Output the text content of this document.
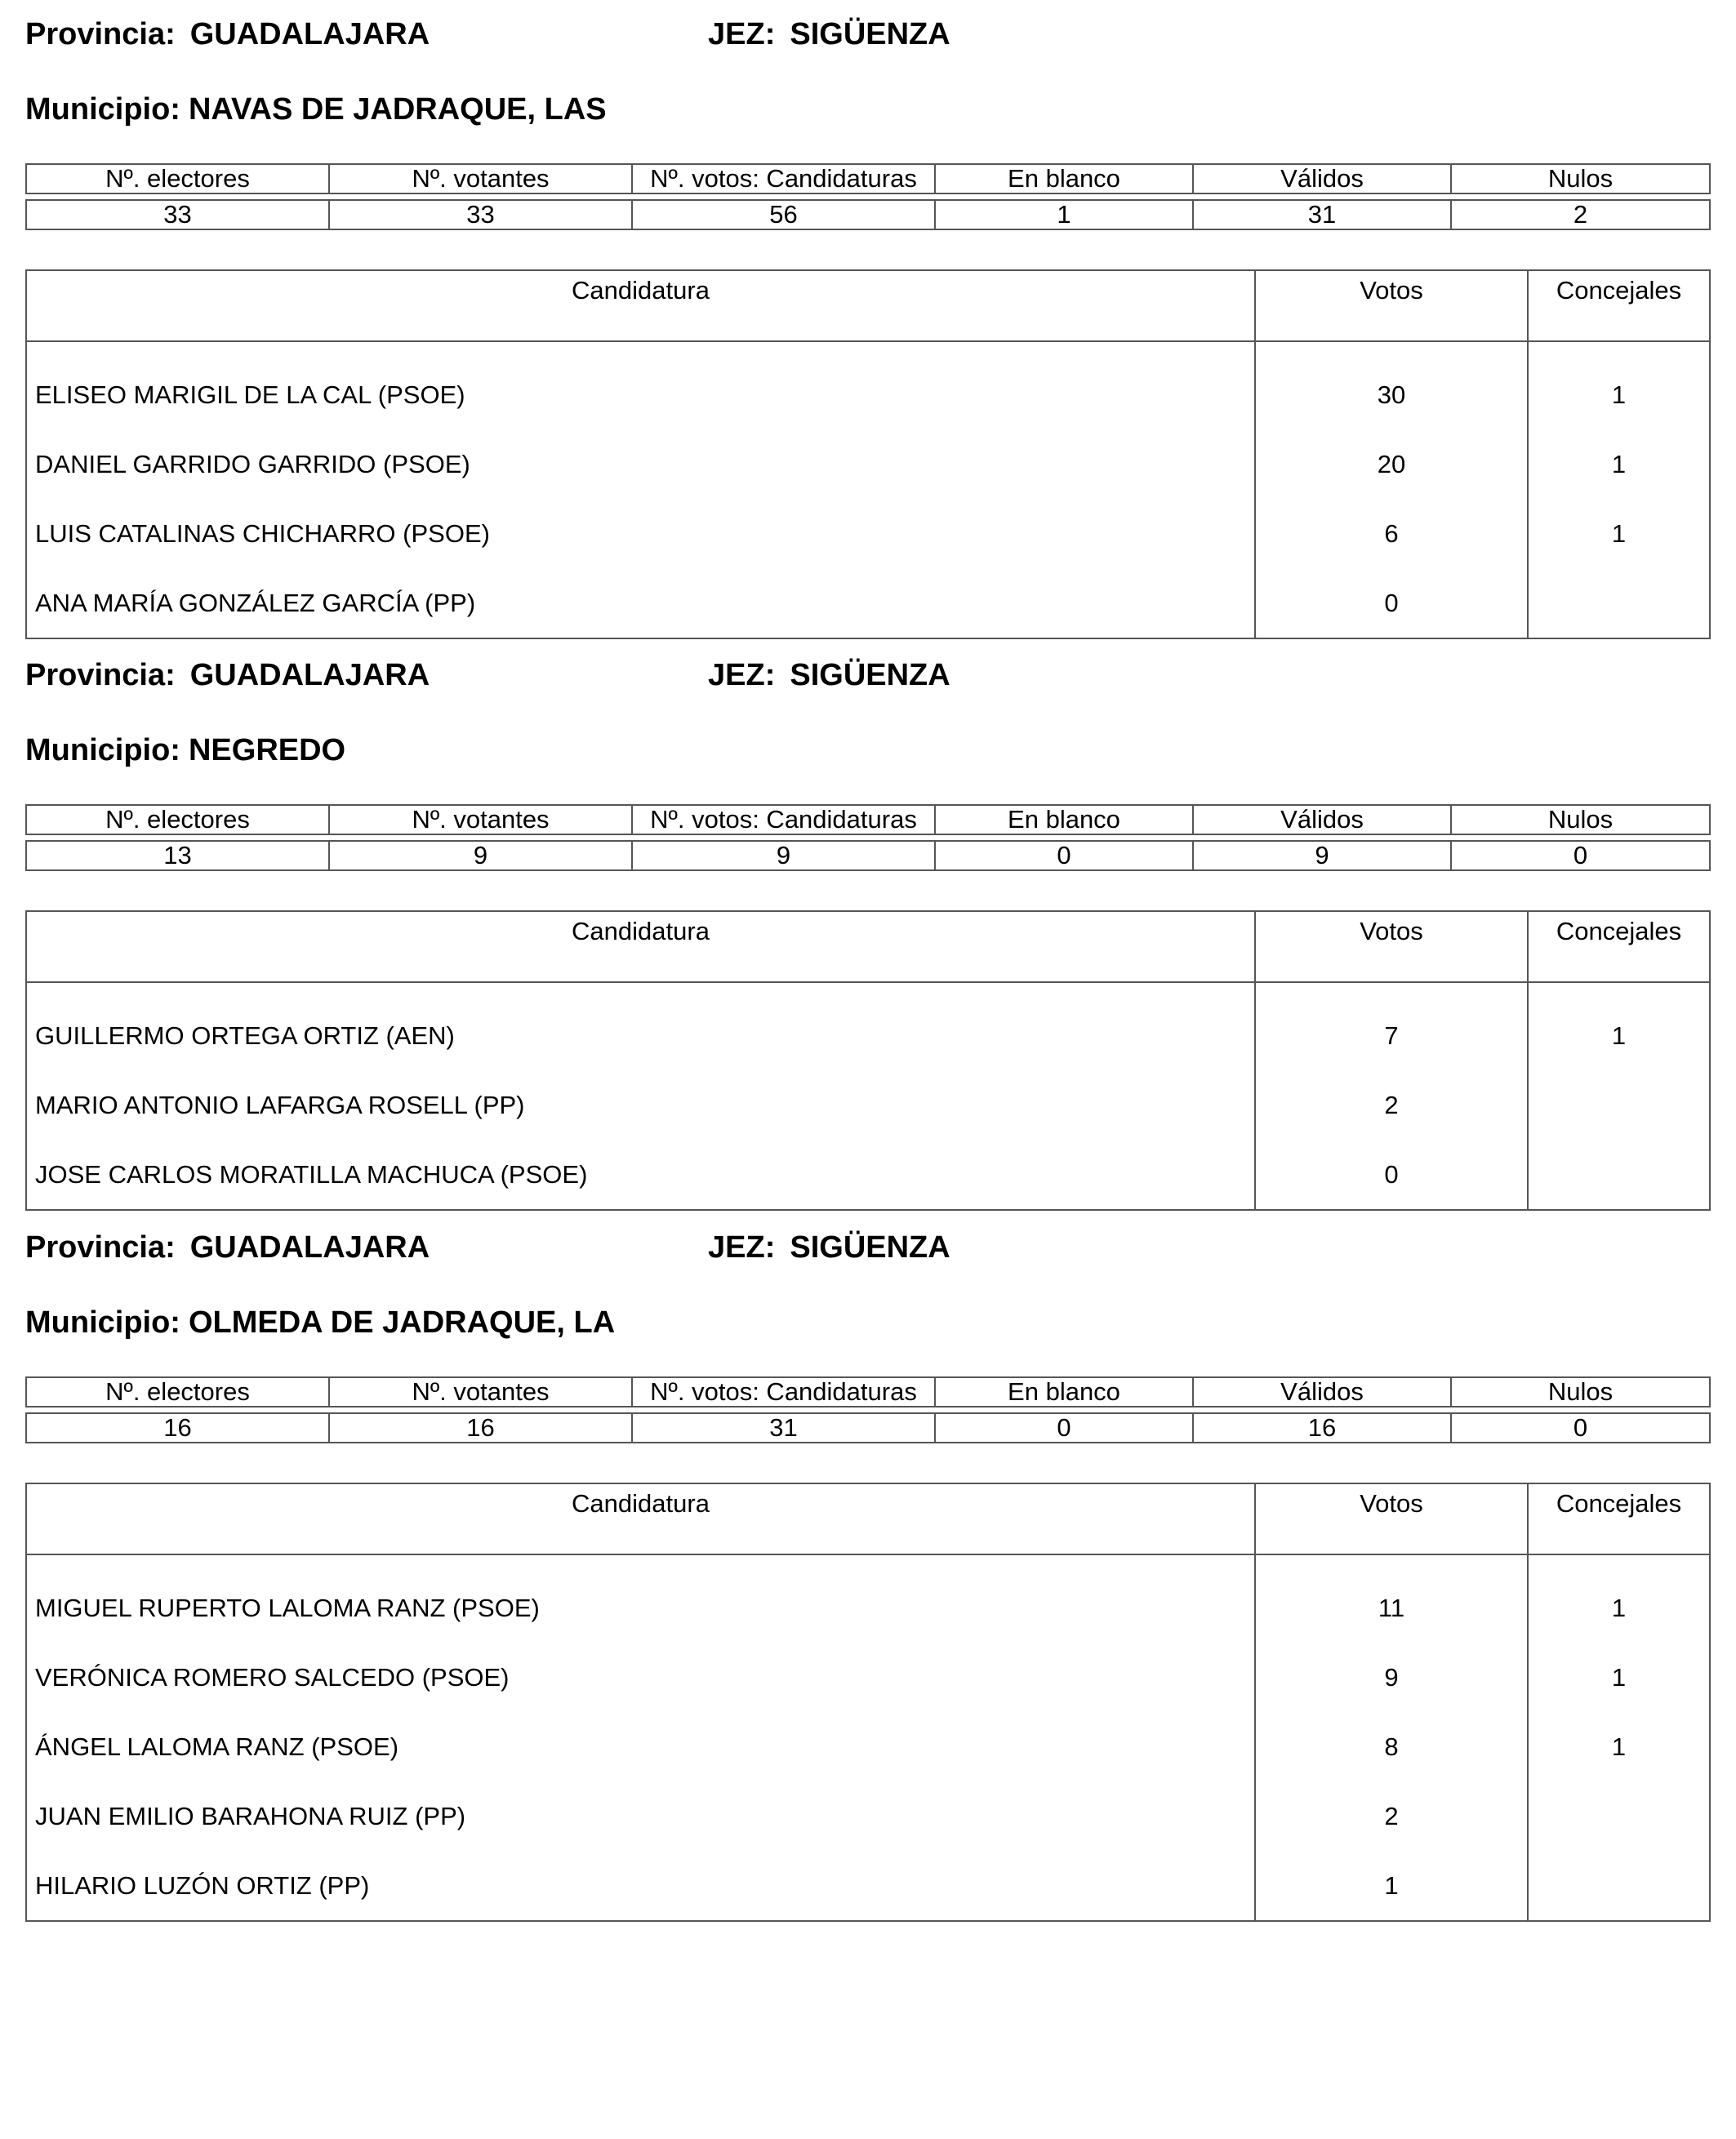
Provincia: GUADALAJARA	JEZ: SIGÜENZA
Municipio: NAVAS DE JADRAQUE, LAS
Nº. electores	Nº. votantes	Nº. votos: Candidaturas	En blanco	Válidos	Nulos

33	33	56	1	31	2
Candidatura	Votos	Concejales

ELISEO MARIGIL DE LA CAL (PSOE)	30	1
DANIEL GARRIDO GARRIDO (PSOE)	20	1
LUIS CATALINAS CHICHARRO (PSOE)	6	1
ANA MARÍA GONZÁLEZ GARCÍA (PP)	0	
Provincia: GUADALAJARA	JEZ: SIGÜENZA
Municipio: NEGREDO
Nº. electores	Nº. votantes	Nº. votos: Candidaturas	En blanco	Válidos	Nulos

13	9	9	0	9	0
Candidatura	Votos	Concejales

GUILLERMO ORTEGA ORTIZ (AEN)	7	1
MARIO ANTONIO LAFARGA ROSELL (PP)	2	
JOSE CARLOS MORATILLA MACHUCA (PSOE)	0	
Provincia: GUADALAJARA	JEZ: SIGÜENZA
Municipio: OLMEDA DE JADRAQUE, LA
Nº. electores	Nº. votantes	Nº. votos: Candidaturas	En blanco	Válidos	Nulos

16	16	31	0	16	0
Candidatura	Votos	Concejales

MIGUEL RUPERTO LALOMA RANZ (PSOE)	11	1
VERÓNICA ROMERO SALCEDO (PSOE)	9	1
ÁNGEL LALOMA RANZ (PSOE)	8	1
JUAN EMILIO BARAHONA RUIZ (PP)	2	
HILARIO LUZÓN ORTIZ (PP)	1	
